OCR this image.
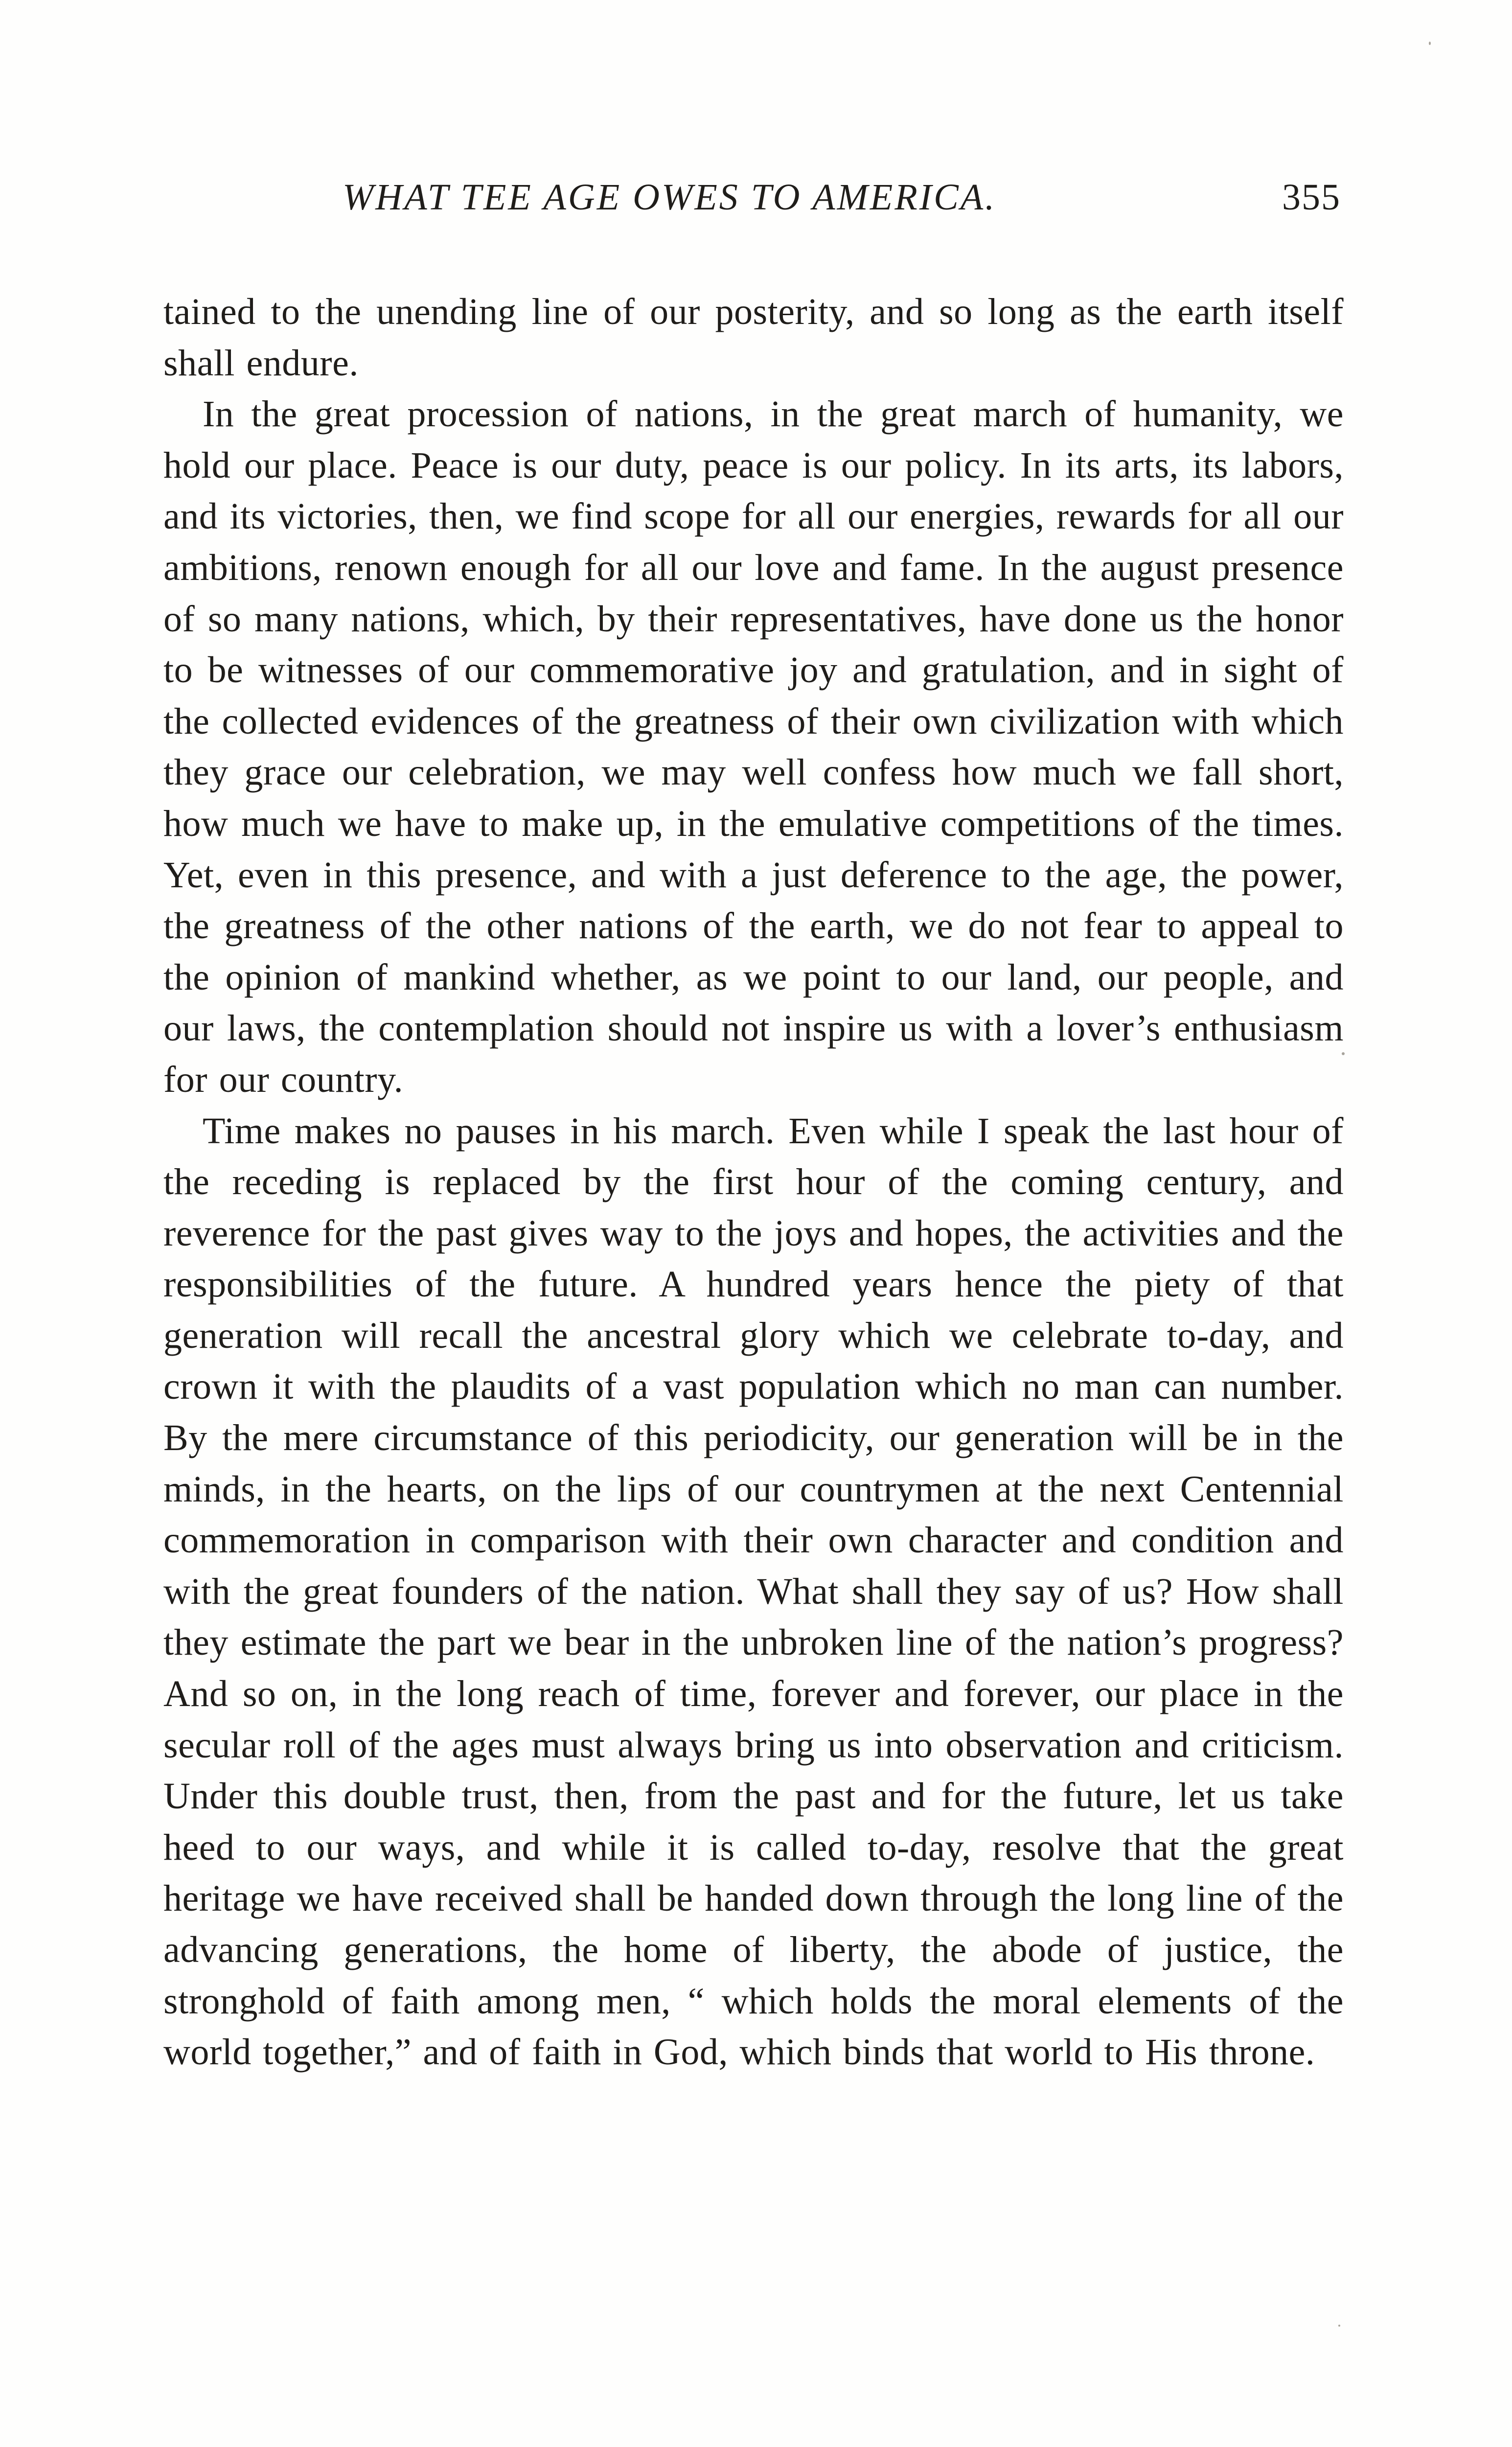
WHAT TEE AGE OWES TO AMERICA.	355

tained to the unending line of our posterity, and so long as the earth itself shall endure.

In the great procession of nations, in the great march of humanity, we hold our place. Peace is our duty, peace is our policy. In its arts, its labors, and its victories, then, we find scope for all our energies, rewards for all our ambitions, renown enough for all our love and fame. In the august presence of so many nations, which, by their representatives, have done us the honor to be witnesses of our commemorative joy and gratulation, and in sight of the collected evidences of the greatness of their own civilization with which they grace our celebration, we may well confess how much we fall short, how much we have to make up, in the emulative competitions of the times. Yet, even in this presence, and with a just deference to the age, the power, the greatness of the other nations of the earth, we do not fear to appeal to the opinion of mankind whether, as we point to our land, our people, and our laws, the contemplation should not inspire us with a lover’s enthusiasm for our country.

Time makes no pauses in his march. Even while I speak the last hour of the receding is replaced by the first hour of the coming century, and reverence for the past gives way to the joys and hopes, the activities and the responsibilities of the future. A hundred years hence the piety of that generation will recall the ancestral glory which we celebrate to-day, and crown it with the plaudits of a vast population which no man can number. By the mere circumstance of this periodicity, our generation will be in the minds, in the hearts, on the lips of our countrymen at the next Centennial commemoration in comparison with their own character and condition and with the great founders of the nation. What shall they say of us? How shall they estimate the part we bear in the unbroken line of the nation’s progress? And so on, in the long reach of time, forever and forever, our place in the secular roll of the ages must always bring us into observation and criticism. Under this double trust, then, from the past and for the future, let us take heed to our ways, and while it is called to-day, resolve that the great heritage we have received shall be handed down through the long line of the advancing generations, the home of liberty, the abode of justice, the stronghold of faith among men, “ which holds the moral elements of the world together,” and of faith in God, which binds that world to His throne.
